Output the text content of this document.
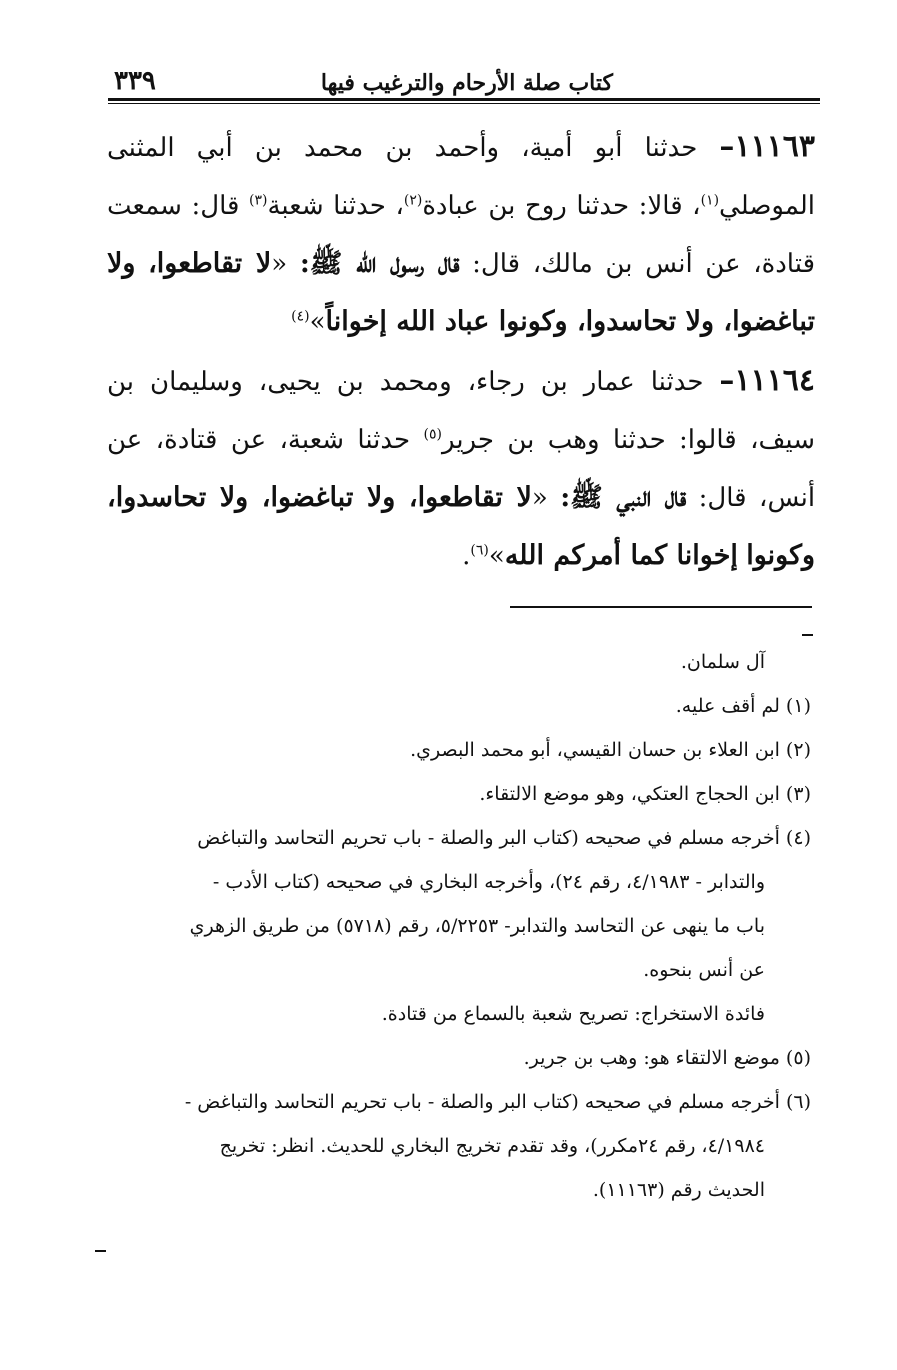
كتاب صلة الأرحام والترغيب فيها
٣٣٩
١١١٦٣– حدثنا أبو أمية، وأحمد بن محمد بن أبي المثنى الموصلي$^{(١)}$، قالا: حدثنا روح بن عبادة$^{(٢)}$، حدثنا شعبة$^{(٣)}$ قال: سمعت قتادة، عن أنس بن مالك، قال: قال رسول الله ﷺ: «لا تقاطعوا، ولا تباغضوا، ولا تحاسدوا، وكونوا عباد الله إخواناً»$^{(٤)}$
١١١٦٤– حدثنا عمار بن رجاء، ومحمد بن يحيى، وسليمان بن سيف، قالوا: حدثنا وهب بن جرير$^{(٥)}$ حدثنا شعبة، عن قتادة، عن أنس، قال: قال النبي ﷺ: «لا تقاطعوا، ولا تباغضوا، ولا تحاسدوا، وكونوا إخوانا كما أمركم الله»$^{(٦)}$.
آل سلمان.
(١) لم أقف عليه.
(٢) ابن العلاء بن حسان القيسي، أبو محمد البصري.
(٣) ابن الحجاج العتكي، وهو موضع الالتقاء.
(٤) أخرجه مسلم في صحيحه (كتاب البر والصلة - باب تحريم التحاسد والتباغض
والتدابر - ٤/١٩٨٣، رقم ٢٤)، وأخرجه البخاري في صحيحه (كتاب الأدب -
باب ما ينهى عن التحاسد والتدابر- ٥/٢٢٥٣، رقم (٥٧١٨) من طريق الزهري
عن أنس بنحوه.
فائدة الاستخراج: تصريح شعبة بالسماع من قتادة.
(٥) موضع الالتقاء هو: وهب بن جرير.
(٦) أخرجه مسلم في صحيحه (كتاب البر والصلة - باب تحريم التحاسد والتباغض -
٤/١٩٨٤، رقم ٢٤مكرر)، وقد تقدم تخريج البخاري للحديث. انظر: تخريج
الحديث رقم (١١١٦٣).
